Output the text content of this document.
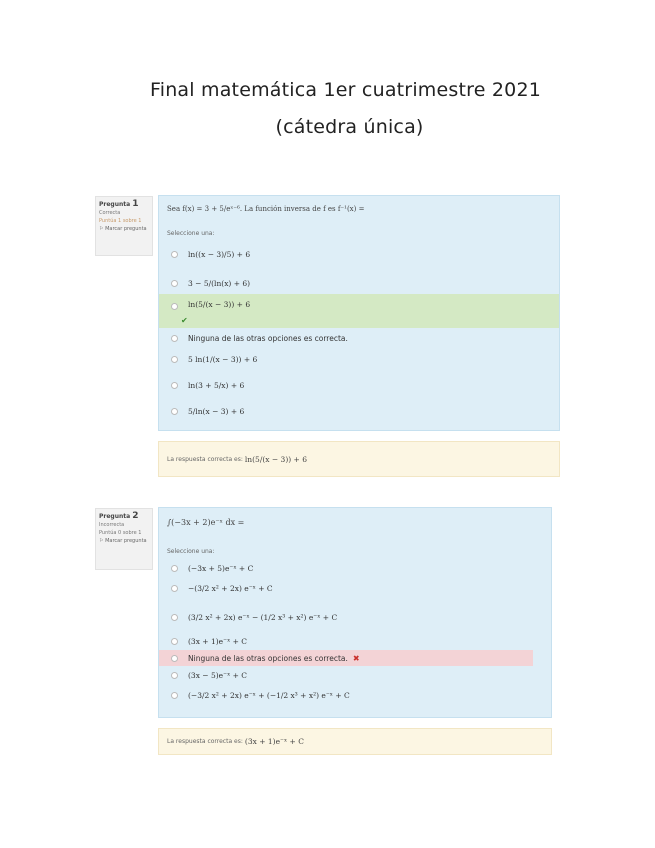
Final matemática 1er cuatrimestre 2021
(cátedra única)
Pregunta 1
Correcta
Puntúa 1 sobre 1
⚐ Marcar pregunta
Sea f(x) = 3 + 5/eˣ⁻⁶. La función inversa de f es f⁻¹(x) =
Seleccione una:
ln((x − 3)/5) + 6
3 − 5/(ln(x) + 6)
ln(5/(x − 3)) + 6
✔
Ninguna de las otras opciones es correcta.
5 ln(1/(x − 3)) + 6
ln(3 + 5/x) + 6
5/ln(x − 3) + 6
La respuesta correcta es: ln(5/(x − 3)) + 6
Pregunta 2
Incorrecta
Puntúa 0 sobre 1
⚐ Marcar pregunta
∫(−3x + 2)e⁻ˣ dx =
Seleccione una:
(−3x + 5)e⁻ˣ + C
−(3/2 x² + 2x) e⁻ˣ + C
(3/2 x² + 2x) e⁻ˣ − (1/2 x³ + x²) e⁻ˣ + C
(3x + 1)e⁻ˣ + C
Ninguna de las otras opciones es correcta. ✖
(3x − 5)e⁻ˣ + C
(−3/2 x² + 2x) e⁻ˣ + (−1/2 x³ + x²) e⁻ˣ + C
La respuesta correcta es: (3x + 1)e⁻ˣ + C
